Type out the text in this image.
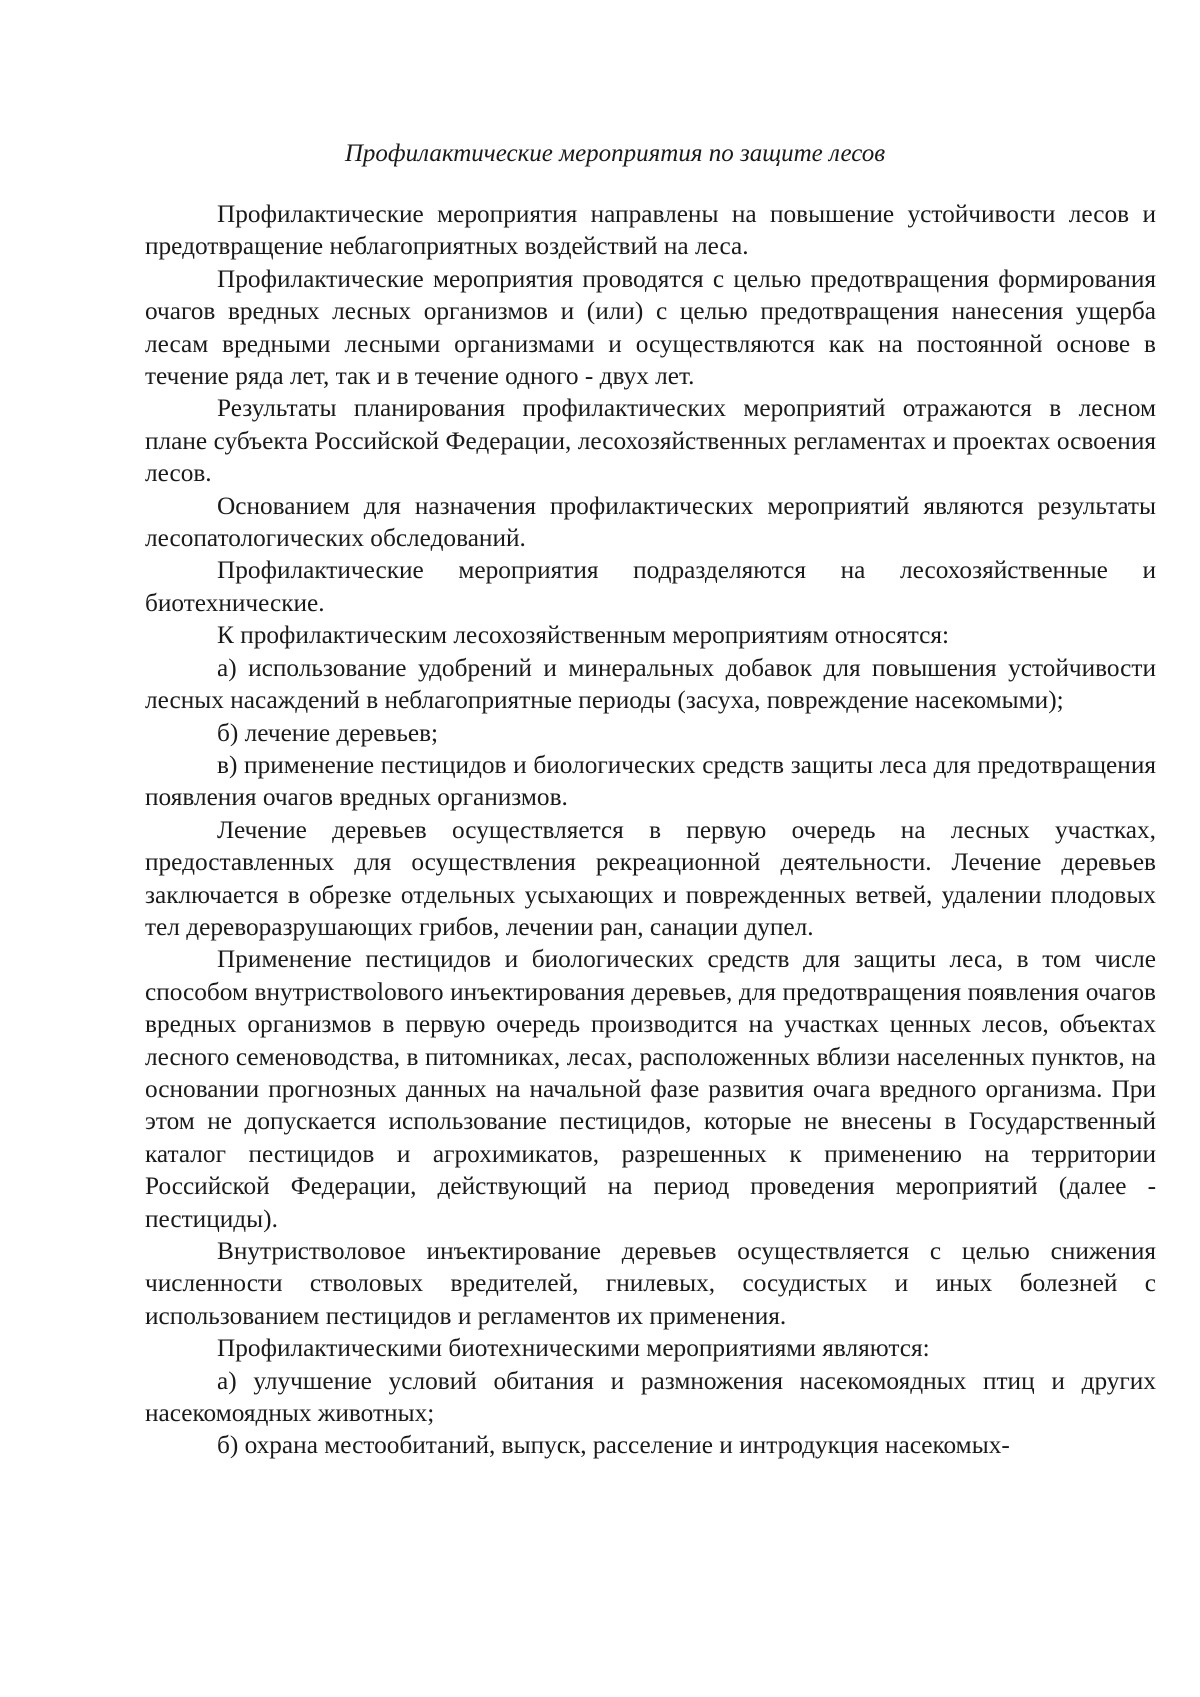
Профилактические мероприятия по защите лесов

Профилактические мероприятия направлены на повышение устойчивости лесов и предотвращение неблагоприятных воздействий на леса.

Профилактические мероприятия проводятся с целью предотвращения формирования очагов вредных лесных организмов и (или) с целью предотвращения нанесения ущерба лесам вредными лесными организмами и осуществляются как на постоянной основе в течение ряда лет, так и в течение одного - двух лет.

Результаты планирования профилактических мероприятий отражаются в лесном плане субъекта Российской Федерации, лесохозяйственных регламентах и проектах освоения лесов.

Основанием для назначения профилактических мероприятий являются результаты лесопатологических обследований.

Профилактические мероприятия подразделяются на лесохозяйственные и биотехнические.

К профилактическим лесохозяйственным мероприятиям относятся:

а) использование удобрений и минеральных добавок для повышения устойчивости лесных насаждений в неблагоприятные периоды (засуха, повреждение насекомыми);

б) лечение деревьев;

в) применение пестицидов и биологических средств защиты леса для предотвращения появления очагов вредных организмов.

Лечение деревьев осуществляется в первую очередь на лесных участках, предоставленных для осуществления рекреационной деятельности. Лечение деревьев заключается в обрезке отдельных усыхающих и поврежденных ветвей, удалении плодовых тел дереворазрушающих грибов, лечении ран, санации дупел.

Применение пестицидов и биологических средств для защиты леса, в том числе способом внутриствolового инъектирования деревьев, для предотвращения появления очагов вредных организмов в первую очередь производится на участках ценных лесов, объектах лесного семеноводства, в питомниках, лесах, расположенных вблизи населенных пунктов, на основании прогнозных данных на начальной фазе развития очага вредного организма. При этом не допускается использование пестицидов, которые не внесены в Государственный каталог пестицидов и агрохимикатов, разрешенных к применению на территории Российской Федерации, действующий на период проведения мероприятий (далее - пестициды).

Внутриствoловое инъектирование деревьев осуществляется с целью снижения численности стволовых вредителей, гнилевых, сосудистых и иных болезней с использованием пестицидов и регламентов их применения.

Профилактическими биотехническими мероприятиями являются:

а) улучшение условий обитания и размножения насекомоядных птиц и других насекомоядных животных;

б) охрана местообитаний, выпуск, расселение и интродукция насекомых-
